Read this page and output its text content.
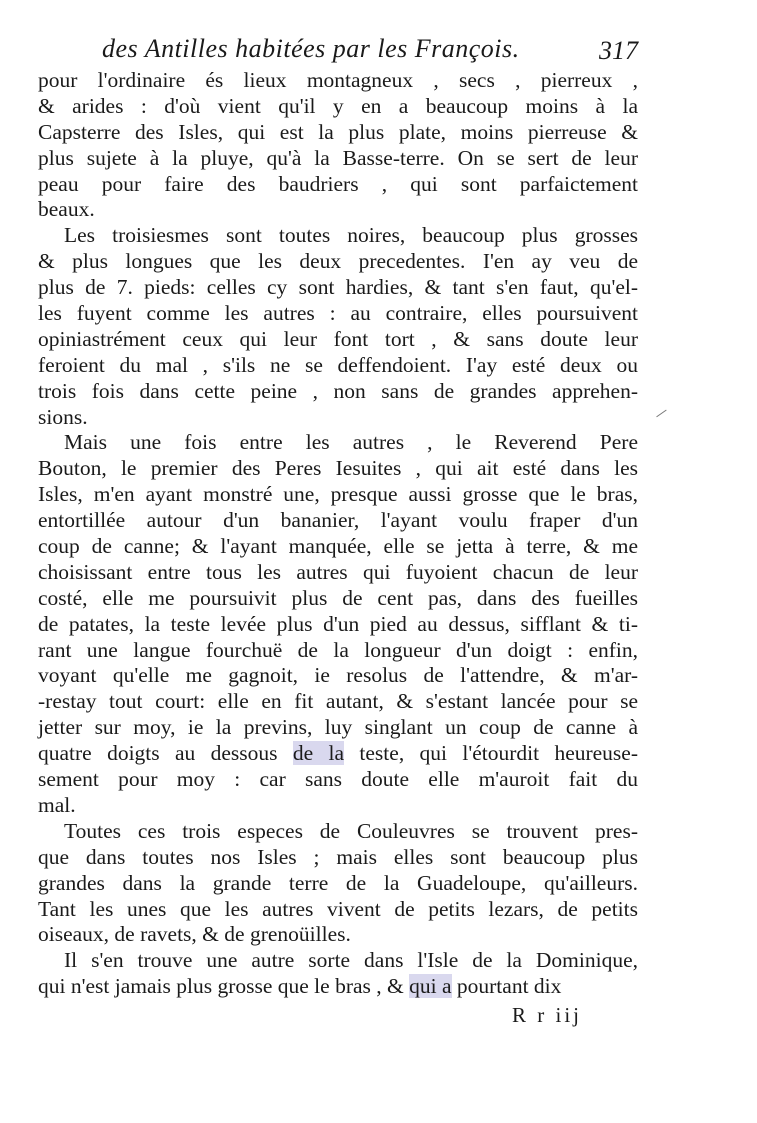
des Antilles habitées par les François.	317
pour l'ordinaire és lieux montagneux , secs , pierreux ,
& arides : d'où vient qu'il y en a beaucoup moins à la
Capsterre des Isles, qui est la plus plate, moins pierreuse &
plus sujete à la pluye, qu'à la Basse-terre. On se sert de leur
peau pour faire des baudriers , qui sont parfaictement
beaux.
Les troisiesmes sont toutes noires, beaucoup plus grosses
& plus longues que les deux precedentes. I'en ay veu de
plus de 7. pieds: celles cy sont hardies, & tant s'en faut, qu'el-
les fuyent comme les autres : au contraire, elles poursuivent
opiniastrément ceux qui leur font tort , & sans doute leur
feroient du mal , s'ils ne se deffendoient. I'ay esté deux ou
trois fois dans cette peine , non sans de grandes apprehen-
sions.
Mais une fois entre les autres , le Reverend Pere
Bouton, le premier des Peres Iesuites , qui ait esté dans les
Isles, m'en ayant monstré une, presque aussi grosse que le bras,
entortillée autour d'un bananier, l'ayant voulu fraper d'un
coup de canne; & l'ayant manquée, elle se jetta à terre, & me
choisissant entre tous les autres qui fuyoient chacun de leur
costé, elle me poursuivit plus de cent pas, dans des fueilles
de patates, la teste levée plus d'un pied au dessus, sifflant & ti-
rant une langue fourchuë de la longueur d'un doigt : enfin,
voyant qu'elle me gagnoit, ie resolus de l'attendre, & m'ar-
-restay tout court: elle en fit autant, & s'estant lancée pour se
jetter sur moy, ie la previns, luy singlant un coup de canne à
quatre doigts au dessous de la teste, qui l'étourdit heureuse-
sement pour moy : car sans doute elle m'auroit fait du
mal.
Toutes ces trois especes de Couleuvres se trouvent pres-
que dans toutes nos Isles ; mais elles sont beaucoup plus
grandes dans la grande terre de la Guadeloupe, qu'ailleurs.
Tant les unes que les autres vivent de petits lezars, de petits
oiseaux, de ravets, & de grenoüilles.
Il s'en trouve une autre sorte dans l'Isle de la Dominique,
qui n'est jamais plus grosse que le bras , & qui a pourtant dix
R r iij
